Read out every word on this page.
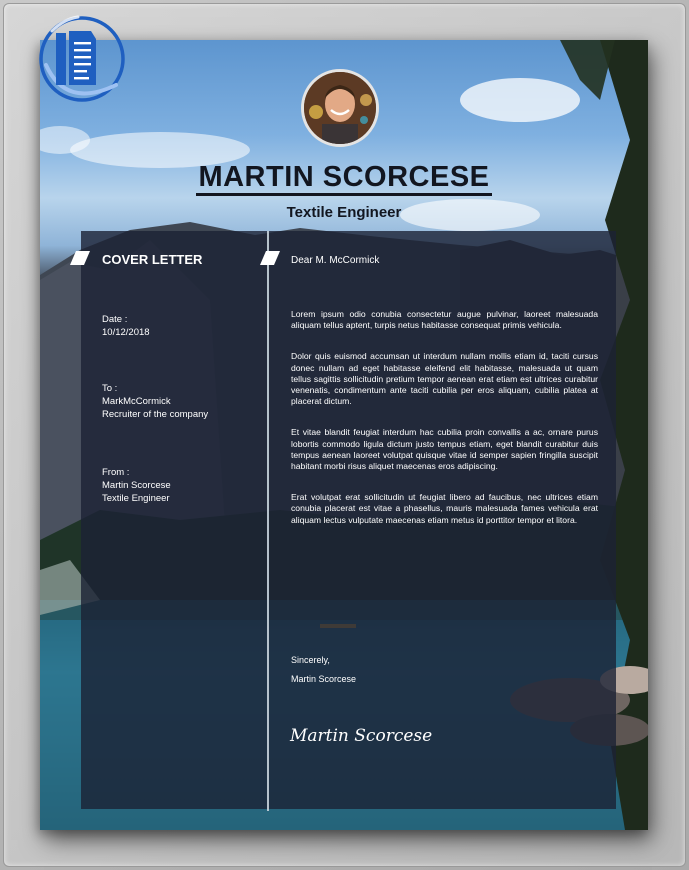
MARTIN SCORCESE
Textile Engineer
COVER LETTER
Date :
10/12/2018
To :
MarkMcCormick
Recruiter of the company
From :
Martin Scorcese
Textile Engineer
Dear M. McCormick

Lorem ipsum odio conubia consectetur augue pulvinar, laoreet malesuada aliquam tellus aptent, turpis netus habitasse consequat primis vehicula.

Dolor quis euismod accumsan ut interdum nullam mollis etiam id, taciti cursus donec nullam ad eget habitasse eleifend elit habitasse, malesuada ut quam tellus sagittis sollicitudin pretium tempor aenean erat etiam est ultrices curabitur venenatis, condimentum ante taciti cubilia per eros aliquam, cubilia platea at placerat dictum.

Et vitae blandit feugiat interdum hac cubilia proin convallis a ac, ornare purus lobortis commodo ligula dictum justo tempus etiam, eget blandit curabitur duis tempus aenean laoreet volutpat quisque vitae id semper sapien fringilla suscipit habitant morbi risus aliquet maecenas eros adipiscing.

Erat volutpat erat sollicitudin ut feugiat libero ad faucibus, nec ultrices etiam conubia placerat est vitae a phasellus, mauris malesuada fames vehicula erat aliquam lectus vulputate maecenas etiam metus id porttitor tempor et litora.

Sincerely,
Martin Scorcese
Martin Scorcese
